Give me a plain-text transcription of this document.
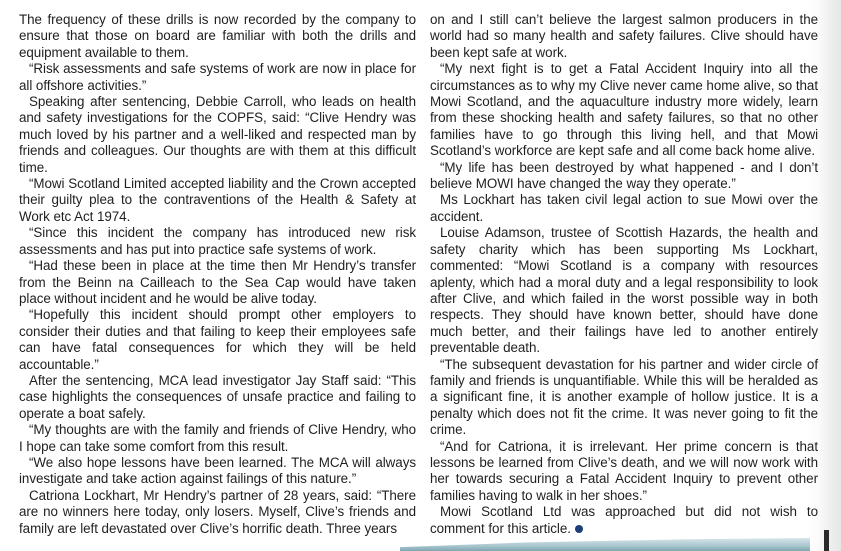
The frequency of these drills is now recorded by the company to ensure that those on board are familiar with both the drills and equipment available to them.

“Risk assessments and safe systems of work are now in place for all offshore activities.”

Speaking after sentencing, Debbie Carroll, who leads on health and safety investigations for the COPFS, said: “Clive Hendry was much loved by his partner and a well-liked and respected man by friends and colleagues. Our thoughts are with them at this difficult time.

“Mowi Scotland Limited accepted liability and the Crown accepted their guilty plea to the contraventions of the Health & Safety at Work etc Act 1974.

“Since this incident the company has introduced new risk assessments and has put into practice safe systems of work.

“Had these been in place at the time then Mr Hendry’s transfer from the Beinn na Cailleach to the Sea Cap would have taken place without incident and he would be alive today.

“Hopefully this incident should prompt other employers to consider their duties and that failing to keep their employees safe can have fatal consequences for which they will be held accountable.”

After the sentencing, MCA lead investigator Jay Staff said: “This case highlights the consequences of unsafe practice and failing to operate a boat safely.

“My thoughts are with the family and friends of Clive Hendry, who I hope can take some comfort from this result.

“We also hope lessons have been learned. The MCA will always investigate and take action against failings of this nature.”

Catriona Lockhart, Mr Hendry’s partner of 28 years, said: “There are no winners here today, only losers. Myself, Clive’s friends and family are left devastated over Clive’s horrific death. Three years

on and I still can’t believe the largest salmon producers in the world had so many health and safety failures. Clive should have been kept safe at work.

“My next fight is to get a Fatal Accident Inquiry into all the circumstances as to why my Clive never came home alive, so that Mowi Scotland, and the aquaculture industry more widely, learn from these shocking health and safety failures, so that no other families have to go through this living hell, and that Mowi Scotland’s workforce are kept safe and all come back home alive.

“My life has been destroyed by what happened - and I don’t believe MOWI have changed the way they operate.”

Ms Lockhart has taken civil legal action to sue Mowi over the accident.

Louise Adamson, trustee of Scottish Hazards, the health and safety charity which has been supporting Ms Lockhart, commented: “Mowi Scotland is a company with resources aplenty, which had a moral duty and a legal responsibility to look after Clive, and which failed in the worst possible way in both respects. They should have known better, should have done much better, and their failings have led to another entirely preventable death.

“The subsequent devastation for his partner and wider circle of family and friends is unquantifiable. While this will be heralded as a significant fine, it is another example of hollow justice. It is a penalty which does not fit the crime. It was never going to fit the crime.

“And for Catriona, it is irrelevant. Her prime concern is that lessons be learned from Clive’s death, and we will now work with her towards securing a Fatal Accident Inquiry to prevent other families having to walk in her shoes.”

Mowi Scotland Ltd was approached but did not wish to comment for this article.
